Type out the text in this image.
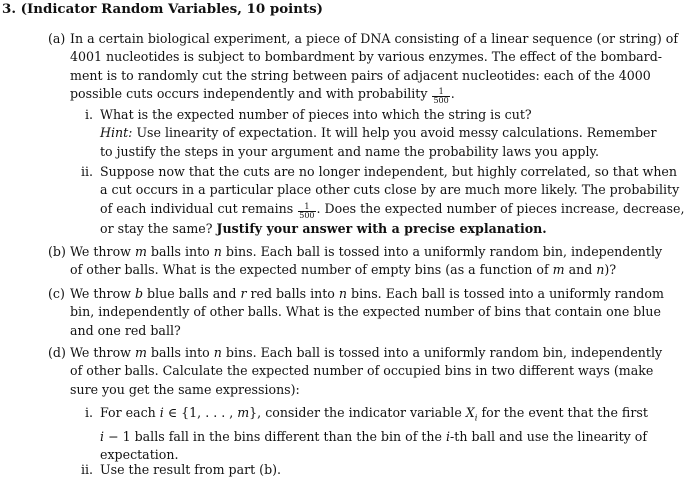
3. (Indicator Random Variables, 10 points)
(a) In a certain biological experiment, a piece of DNA consisting of a linear sequence (or string) of
4001 nucleotides is subject to bombardment by various enzymes. The effect of the bombard-
ment is to randomly cut the string between pairs of adjacent nucleotides: each of the 4000
possible cuts occurs independently and with probability $\frac{1}{500}$ .
i. What is the expected number of pieces into which the string is cut?
Hint: Use linearity of expectation. It will help you avoid messy calculations. Remember
to justify the steps in your argument and name the probability laws you apply.
ii. Suppose now that the cuts are no longer independent, but highly correlated, so that when
a cut occurs in a particular place other cuts close by are much more likely. The probability
of each individual cut remains $\frac{1}{500}$ . Does the expected number of pieces increase, decrease,
or stay the same? Justify your answer with a precise explanation.
(b) We throw m balls into n bins. Each ball is tossed into a uniformly random bin, independently
of other balls. What is the expected number of empty bins (as a function of m and n)?
(c) We throw b blue balls and r red balls into n bins. Each ball is tossed into a uniformly random
bin, independently of other balls. What is the expected number of bins that contain one blue
and one red ball?
(d) We throw m balls into n bins. Each ball is tossed into a uniformly random bin, independently
of other balls. Calculate the expected number of occupied bins in two different ways (make
sure you get the same expressions):
i. For each i ∈ {1, . . . , m}, consider the indicator variable $X_i$ for the event that the first
i − 1 balls fall in the bins different than the bin of the i-th ball and use the linearity of
expectation.
ii. Use the result from part (b).
